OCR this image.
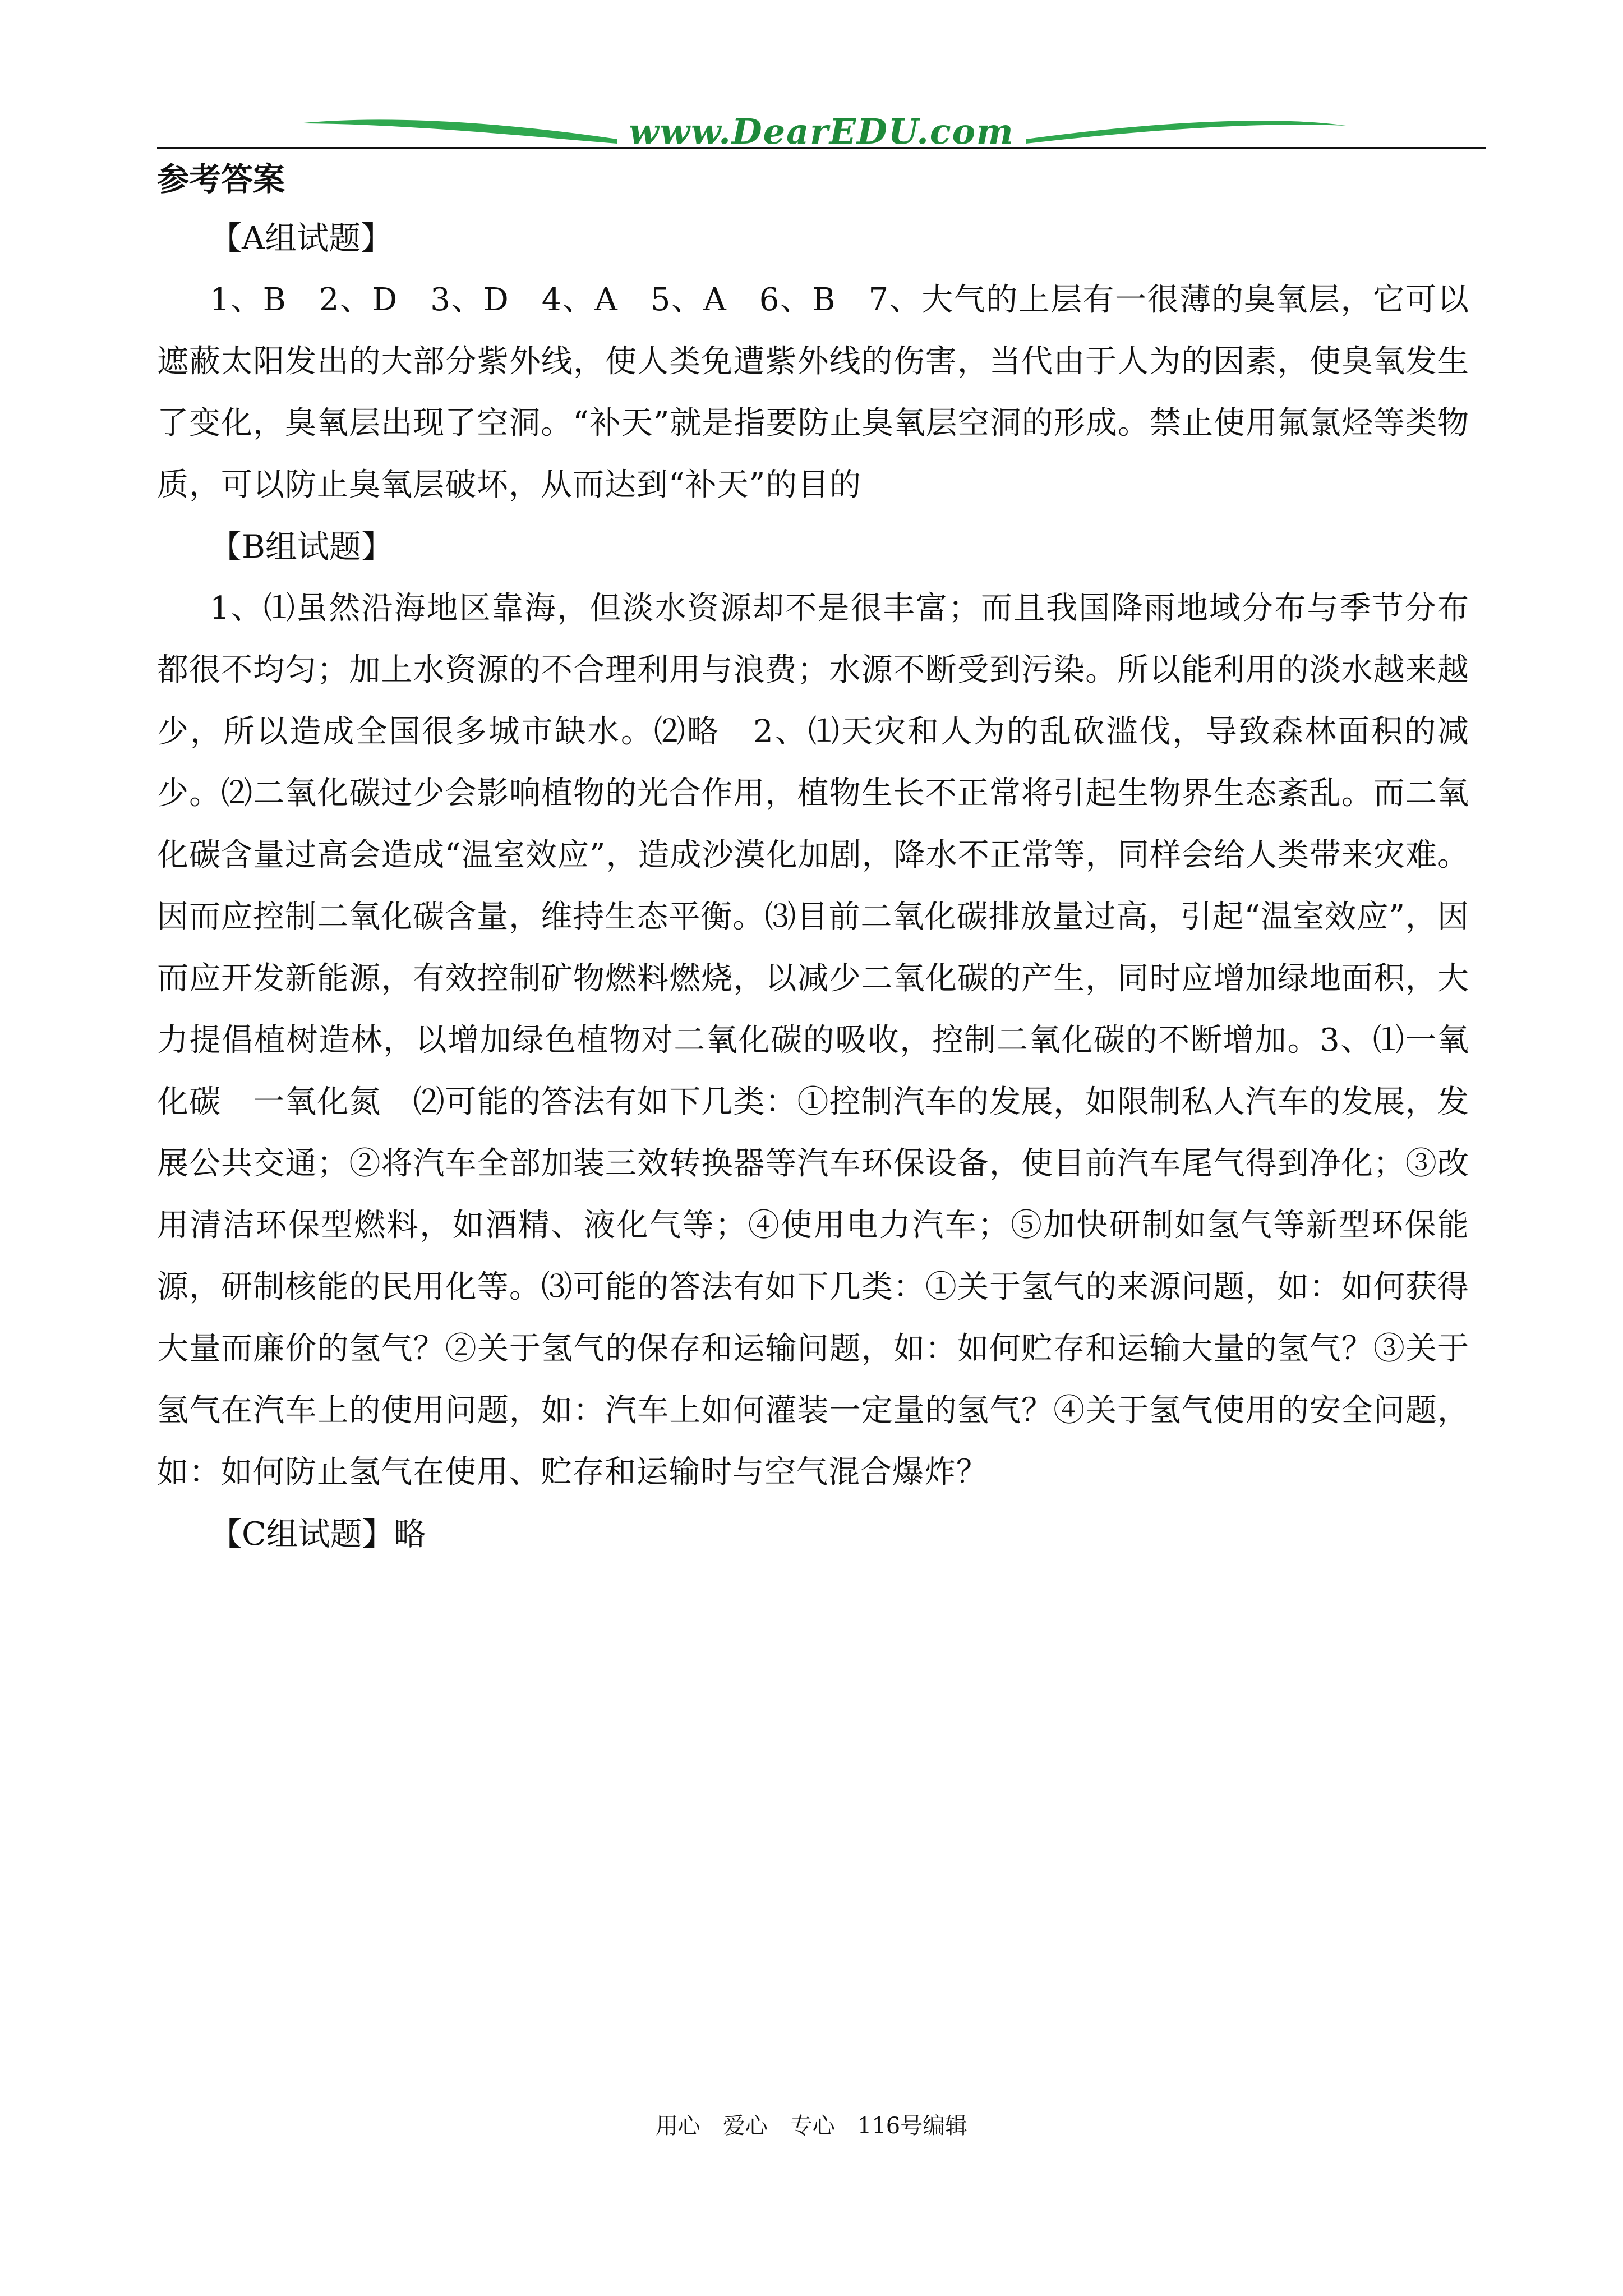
www.DearEDU.com
参考答案

【A组试题】

1、B　2、D　3、D　4、A　5、A　6、B　7、大气的上层有一很薄的臭氧层，它可以遮蔽太阳发出的大部分紫外线，使人类免遭紫外线的伤害，当代由于人为的因素，使臭氧发生了变化，臭氧层出现了空洞。“补天”就是指要防止臭氧层空洞的形成。禁止使用氟氯烃等类物质，可以防止臭氧层破坏，从而达到“补天”的目的

【B组试题】

1、⑴虽然沿海地区靠海，但淡水资源却不是很丰富；而且我国降雨地域分布与季节分布都很不均匀；加上水资源的不合理利用与浪费；水源不断受到污染。所以能利用的淡水越来越少，所以造成全国很多城市缺水。⑵略　2、⑴天灾和人为的乱砍滥伐，导致森林面积的减少。⑵二氧化碳过少会影响植物的光合作用，植物生长不正常将引起生物界生态紊乱。而二氧化碳含量过高会造成“温室效应”，造成沙漠化加剧，降水不正常等，同样会给人类带来灾难。因而应控制二氧化碳含量，维持生态平衡。⑶目前二氧化碳排放量过高，引起“温室效应”，因而应开发新能源，有效控制矿物燃料燃烧，以减少二氧化碳的产生，同时应增加绿地面积，大力提倡植树造林，以增加绿色植物对二氧化碳的吸收，控制二氧化碳的不断增加。3、⑴一氧化碳　一氧化氮　⑵可能的答法有如下几类：①控制汽车的发展，如限制私人汽车的发展，发展公共交通；②将汽车全部加装三效转换器等汽车环保设备，使目前汽车尾气得到净化；③改用清洁环保型燃料，如酒精、液化气等；④使用电力汽车；⑤加快研制如氢气等新型环保能源，研制核能的民用化等。⑶可能的答法有如下几类：①关于氢气的来源问题，如：如何获得大量而廉价的氢气？②关于氢气的保存和运输问题，如：如何贮存和运输大量的氢气？③关于氢气在汽车上的使用问题，如：汽车上如何灌装一定量的氢气？④关于氢气使用的安全问题，如：如何防止氢气在使用、贮存和运输时与空气混合爆炸？

【C组试题】略

用心　爱心　专心　116号编辑
